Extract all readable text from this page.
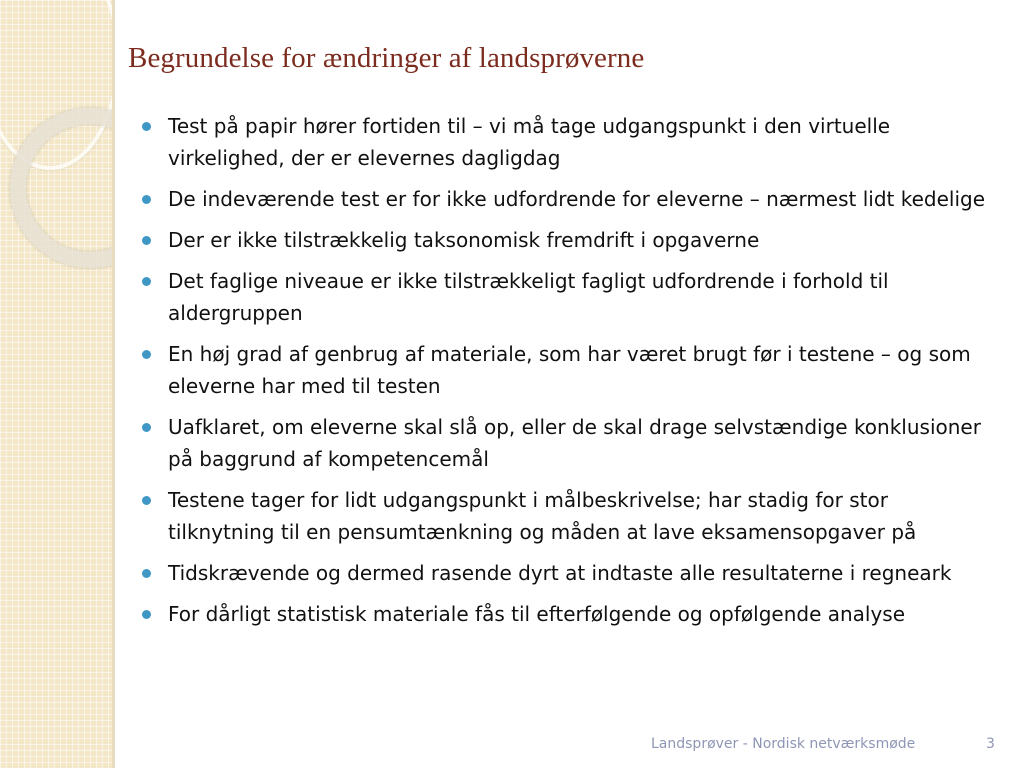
Begrundelse for ændringer af landsprøverne
Test på papir hører fortiden til – vi må tage udgangspunkt i den virtuelle virkelighed, der er elevernes dagligdag
De indeværende test er for ikke udfordrende for eleverne – nærmest lidt kedelige
Der er ikke tilstrækkelig taksonomisk fremdrift i opgaverne
Det faglige niveaue er ikke tilstrækkeligt fagligt udfordrende i forhold til aldergruppen
En høj grad af genbrug af materiale, som har været brugt før i testene – og som eleverne har med til testen
Uafklaret, om eleverne skal slå op, eller de skal drage selvstændige konklusioner på baggrund af kompetencemål
Testene tager for lidt udgangspunkt i målbeskrivelse; har stadig for stor tilknytning til en pensumtænkning og måden at lave eksamensopgaver på
Tidskrævende og dermed rasende dyrt at indtaste alle resultaterne i regneark
For dårligt statistisk materiale fås til efterfølgende og opfølgende analyse
Landsprøver - Nordisk netværksmøde	3
